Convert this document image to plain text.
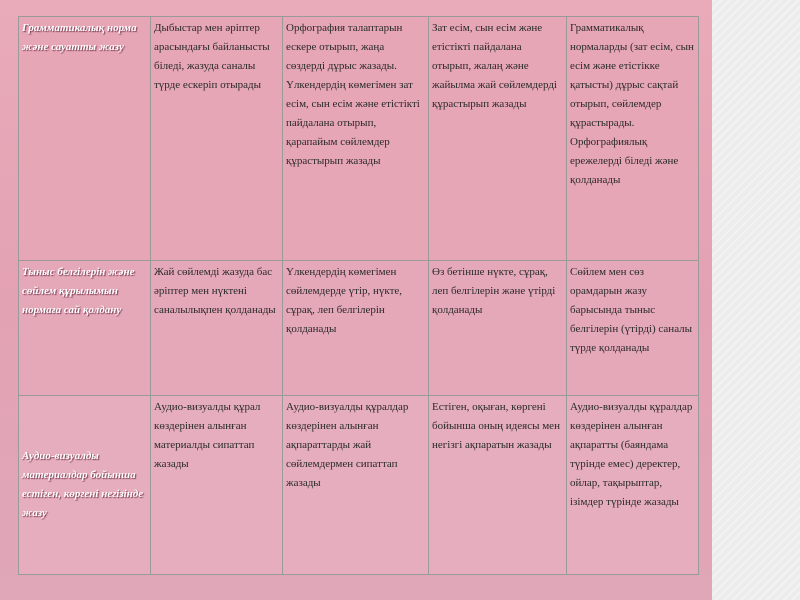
Грамматикалық норма және сауатты жазу	Дыбыстар мен әріптер арасындағы байланысты біледі, жазуда саналы түрде ескеріп отырады	Орфография талаптарын ескере отырып, жаңа сөздерді дұрыс жазады. Үлкендердің көмегімен зат есім, сын есім және етістікті пайдалана отырып, қарапайым сөйлемдер құрастырып жазады	Зат есім, сын есім және етістікті пайдалана отырып, жалаң және жайылма жай сөйлемдерді құрастырып жазады	Грамматикалық нормаларды (зат есім, сын есім және етістікке қатысты) дұрыс сақтай отырып, сөйлемдер құрастырады. Орфографиялық ережелерді біледі және қолданады
Тыныс белгілерін және сөйлем құрылымын нормаға сай қолдану	Жай сөйлемді жазуда бас әріптер мен нүктені саналылықпен қолданады	Үлкендердің көмегімен сөйлемдерде үтір, нүкте, сұрақ, леп белгілерін қолданады	Өз бетінше нүкте, сұрақ, леп белгілерін және үтірді қолданады	Сөйлем мен сөз орамдарын жазу барысында тыныс белгілерін (үтірді) саналы түрде қолданады
Аудио-визуалды материалдар бойынша естіген, көргені негізінде жазу	Аудио-визуалды құрал көздерінен алынған материалды сипаттап жазады	Аудио-визуалды құралдар көздерінен алынған ақпараттарды жай сөйлемдермен сипаттап жазады	Естіген, оқыған, көргені бойынша оның идеясы мен негізгі ақпаратын жазады	Аудио-визуалды құралдар көздерінен алынған ақпаратты (баяндама түрінде емес) деректер, ойлар, тақырыптар, ізімдер түрінде жазады
